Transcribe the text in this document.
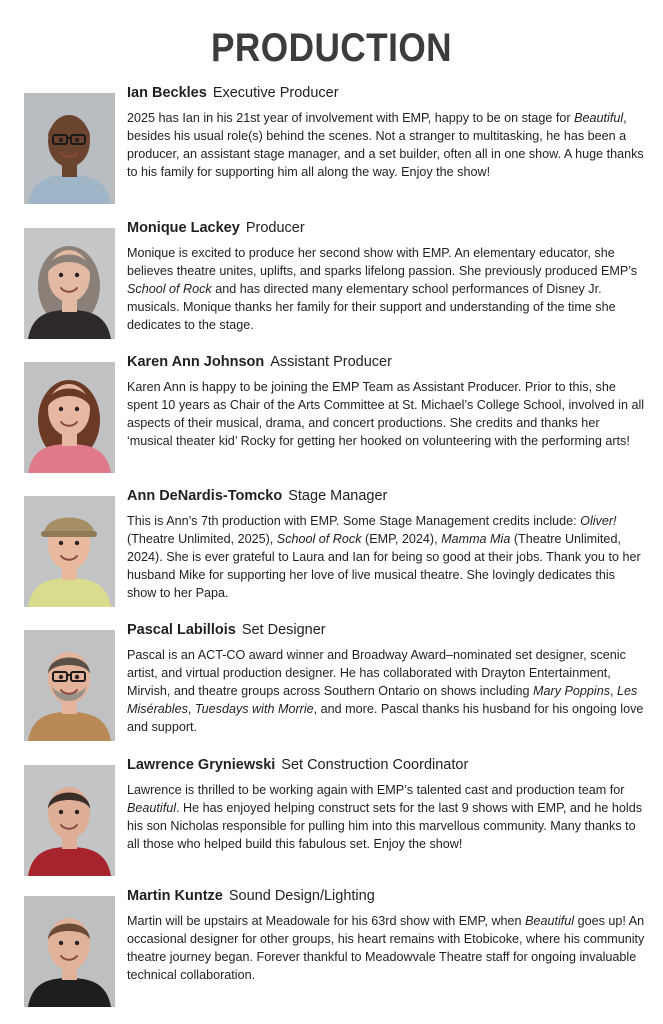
PRODUCTION
Ian Beckles Executive Producer

2025 has Ian in his 21st year of involvement with EMP, happy to be on stage for Beautiful, besides his usual role(s) behind the scenes. Not a stranger to multitasking, he has been a producer, an assistant stage manager, and a set builder, often all in one show. A huge thanks to his family for supporting him all along the way. Enjoy the show!

Monique Lackey Producer

Monique is excited to produce her second show with EMP. An elementary educator, she believes theatre unites, uplifts, and sparks lifelong passion. She previously produced EMP’s School of Rock and has directed many elementary school performances of Disney Jr. musicals. Monique thanks her family for their support and understanding of the time she dedicates to the stage.

Karen Ann Johnson Assistant Producer

Karen Ann is happy to be joining the EMP Team as Assistant Producer. Prior to this, she spent 10 years as Chair of the Arts Committee at St. Michael’s College School, involved in all aspects of their musical, drama, and concert productions. She credits and thanks her ‘musical theater kid’ Rocky for getting her hooked on volunteering with the performing arts!

Ann DeNardis-Tomcko Stage Manager

This is Ann’s 7th production with EMP. Some Stage Management credits include: Oliver! (Theatre Unlimited, 2025), School of Rock (EMP, 2024), Mamma Mia (Theatre Unlimited, 2024). She is ever grateful to Laura and Ian for being so good at their jobs. Thank you to her husband Mike for supporting her love of live musical theatre. She lovingly dedicates this show to her Papa.

Pascal Labillois Set Designer

Pascal is an ACT-CO award winner and Broadway Award–nominated set designer, scenic artist, and virtual production designer. He has collaborated with Drayton Entertainment, Mirvish, and theatre groups across Southern Ontario on shows including Mary Poppins, Les Misérables, Tuesdays with Morrie, and more. Pascal thanks his husband for his ongoing love and support.

Lawrence Gryniewski Set Construction Coordinator

Lawrence is thrilled to be working again with EMP’s talented cast and production team for Beautiful. He has enjoyed helping construct sets for the last 9 shows with EMP, and he holds his son Nicholas responsible for pulling him into this marvellous community. Many thanks to all those who helped build this fabulous set. Enjoy the show!

Martin Kuntze Sound Design/Lighting

Martin will be upstairs at Meadowale for his 63rd show with EMP, when Beautiful goes up! An occasional designer for other groups, his heart remains with Etobicoke, where his community theatre journey began. Forever thankful to Meadowvale Theatre staff for ongoing invaluable technical collaboration.
